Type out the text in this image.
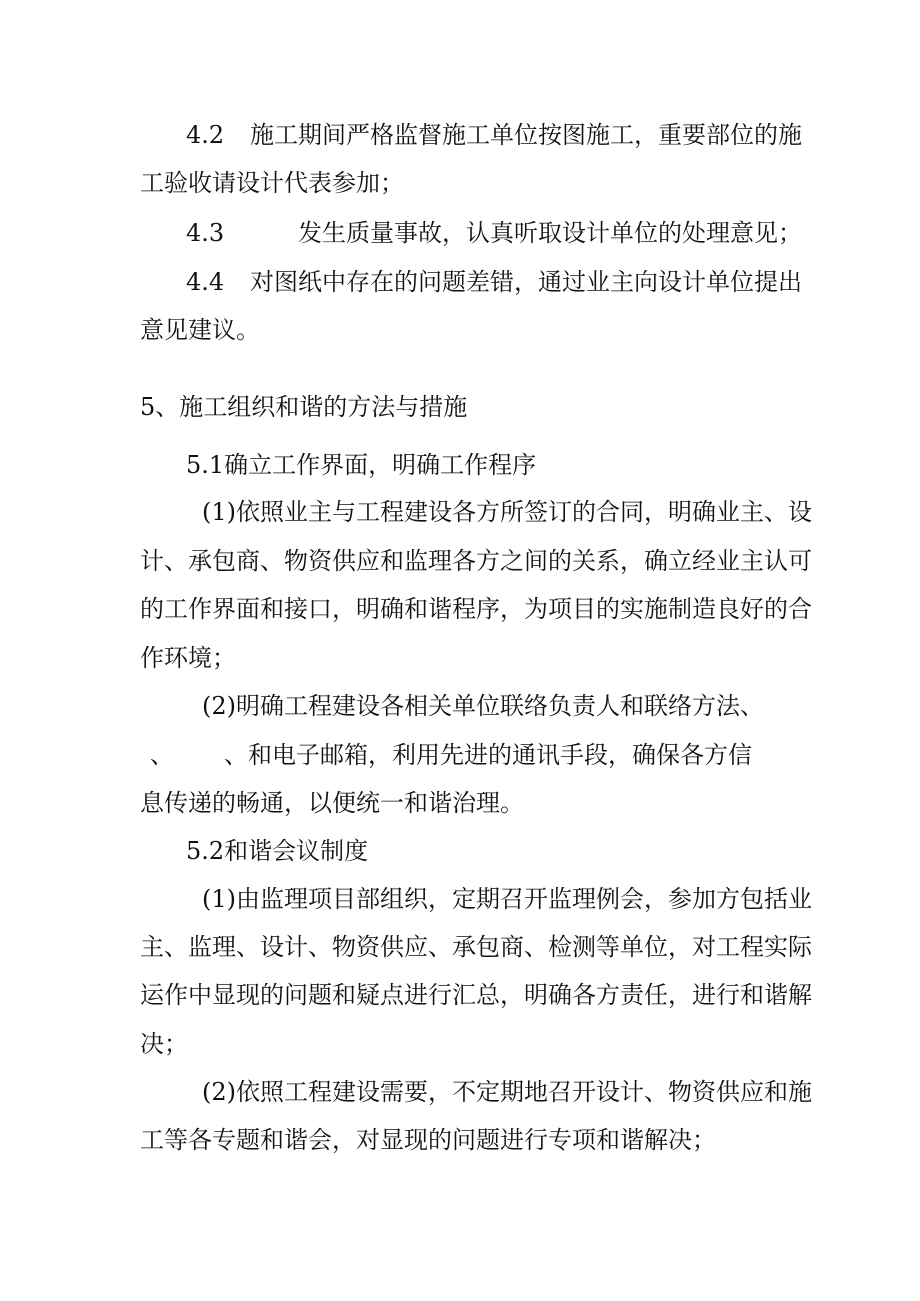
4.2 施工期间严格监督施工单位按图施工，重要部位的施
工验收请设计代表参加；
4.3	发生质量事故，认真听取设计单位的处理意见；
4.4 对图纸中存在的问题差错，通过业主向设计单位提出
意见建议。
5、施工组织和谐的方法与措施
5.1确立工作界面，明确工作程序
(1)依照业主与工程建设各方所签订的合同，明确业主、设
计、承包商、物资供应和监理各方之间的关系，确立经业主认可
的工作界面和接口，明确和谐程序，为项目的实施制造良好的合
作环境；
(2)明确工程建设各相关单位联络负责人和联络方法、
、 、和电子邮箱，利用先进的通讯手段，确保各方信
息传递的畅通，以便统一和谐治理。
5.2和谐会议制度
(1)由监理项目部组织，定期召开监理例会，参加方包括业
主、监理、设计、物资供应、承包商、检测等单位，对工程实际
运作中显现的问题和疑点进行汇总，明确各方责任，进行和谐解
决；
(2)依照工程建设需要，不定期地召开设计、物资供应和施
工等各专题和谐会，对显现的问题进行专项和谐解决；
